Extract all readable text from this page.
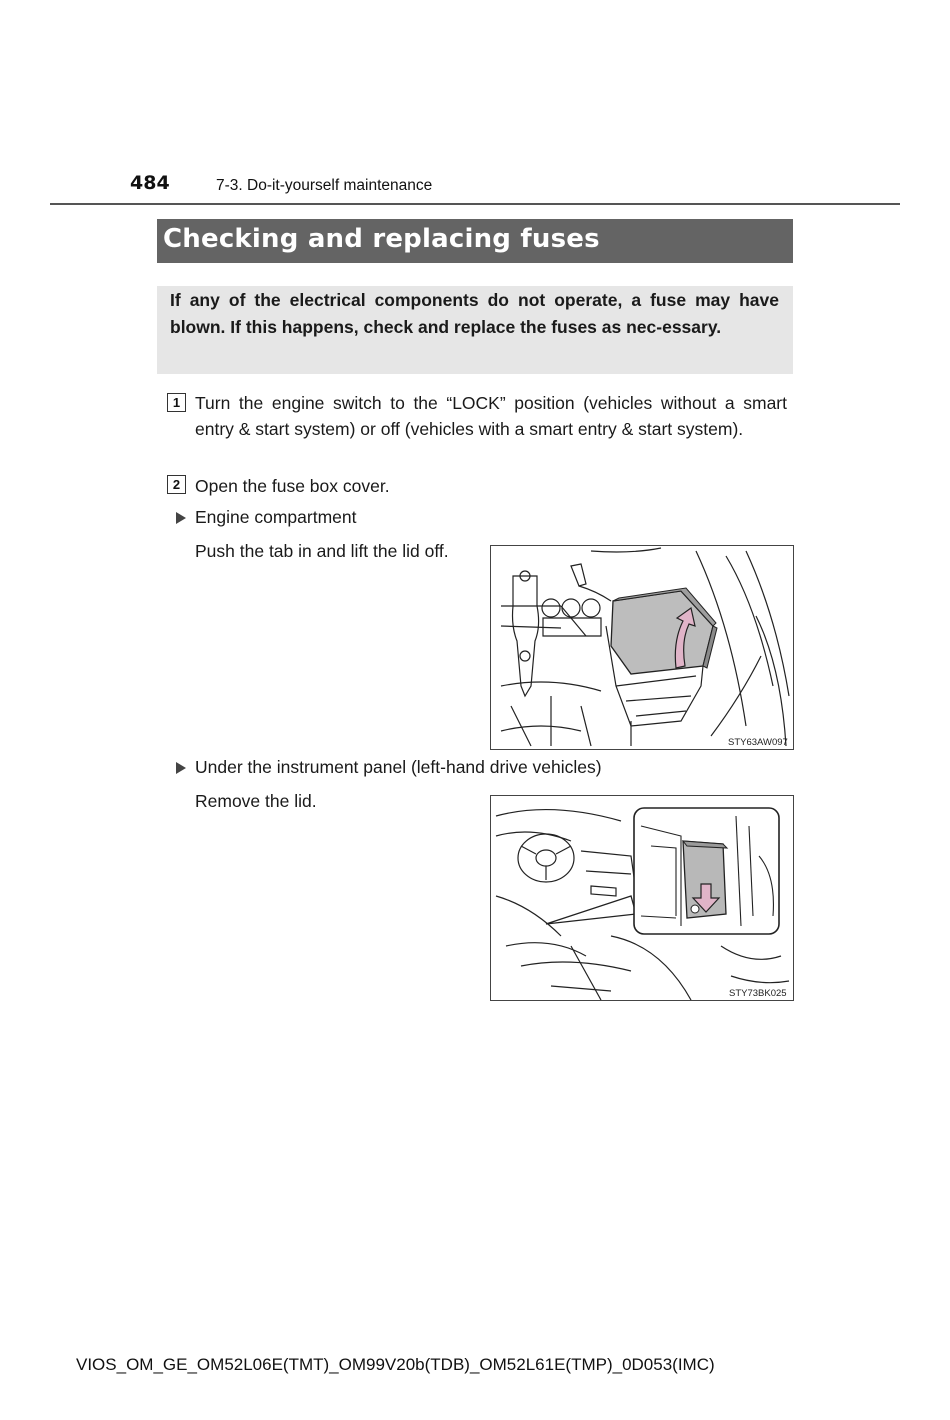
484	7-3. Do-it-yourself maintenance
Checking and replacing fuses
If any of the electrical components do not operate, a fuse may have blown. If this happens, check and replace the fuses as nec-essary.
1 Turn the engine switch to the “LOCK” position (vehicles without a smart entry & start system) or off (vehicles with a smart entry & start system).
2 Open the fuse box cover.
Engine compartment
Push the tab in and lift the lid off.
STY63AW097
Under the instrument panel (left-hand drive vehicles)
Remove the lid.
STY73BK025
VIOS_OM_GE_OM52L06E(TMT)_OM99V20b(TDB)_OM52L61E(TMP)_0D053(IMC)
